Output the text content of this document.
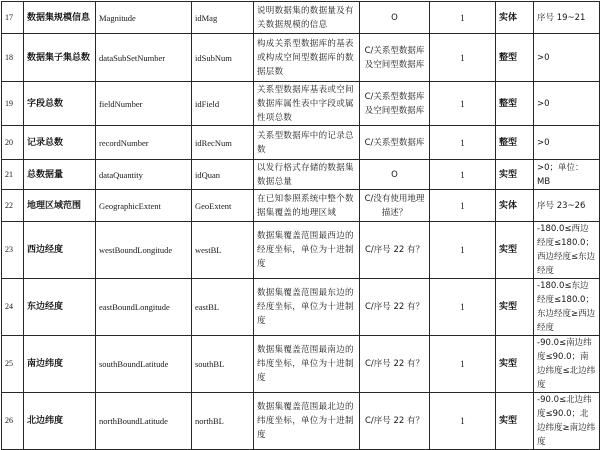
17	数据集规模信息	Magnitude	idMag	说明数据集的数据量及有关数据规模的信息	O	1	实体	序号 19~21
18	数据集子集总数	dataSubSetNumber	idSubNum	构成关系型数据库的基表或构成空间型数据库的数据层数	C/关系型数据库及空间型数据库	1	整型	>0
19	字段总数	fieldNumber	idField	关系型数据库基表或空间数据库属性表中字段或属性项总数	C/关系型数据库及空间型数据库	1	整型	>0
20	记录总数	recordNumber	idRecNum	关系型数据库中的记录总数	C/关系型数据库	1	整型	>0
21	总数据量	dataQuantity	idQuan	以发行格式存储的数据集数据总量	O	1	实型	>0；单位：MB
22	地理区域范围	GeographicExtent	GeoExtent	在已知参照系统中整个数据集覆盖的地理区域	C/没有使用地理描述？	1	实体	序号 23~26
23	西边经度	westBoundLongitude	westBL	数据集覆盖范围最西边的经度坐标，单位为十进制度	C/序号 22 有？	1	实型	-180.0≤西边经度≤180.0；西边经度≤东边经度
24	东边经度	eastBoundLongitude	eastBL	数据集覆盖范围最东边的经度坐标，单位为十进制度	C/序号 22 有？	1	实型	-180.0≤东边经度≤180.0；东边经度≥西边经度
25	南边纬度	southBoundLatitude	southBL	数据集覆盖范围最南边的纬度坐标，单位为十进制度	C/序号 22 有？	1	实型	-90.0≤南边纬度≤90.0；南边纬度≤北边纬度
26	北边纬度	northBoundLatitude	northBL	数据集覆盖范围最北边的纬度坐标，单位为十进制度	C/序号 22 有？	1	实型	-90.0≤北边纬度≤90.0；北边纬度≥南边纬度
